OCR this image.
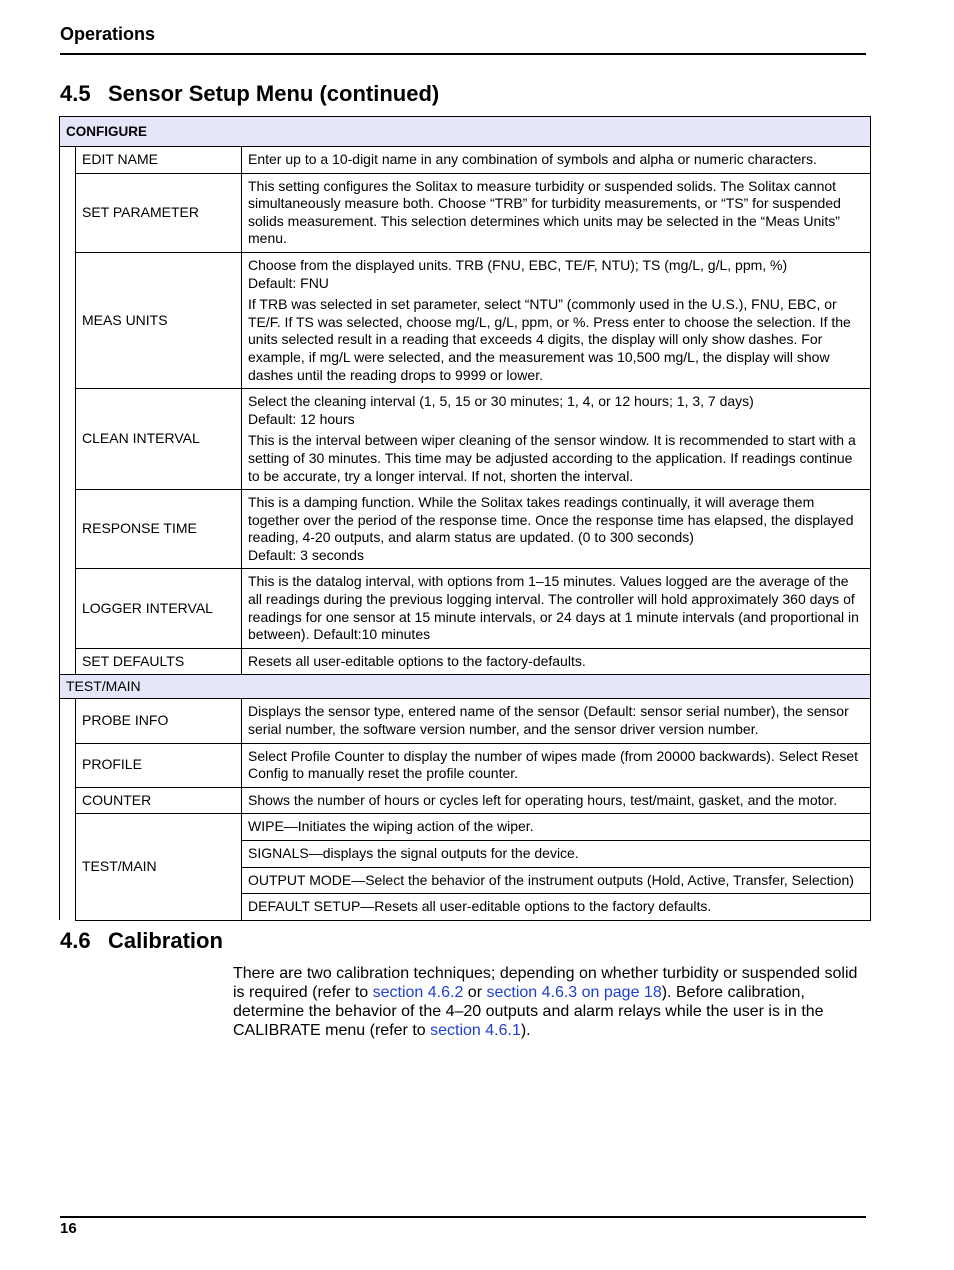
Operations
4.5 Sensor Setup Menu (continued)
CONFIGURE		
	EDIT NAME	Enter up to a 10-digit name in any combination of symbols and alpha or numeric characters.

	SET PARAMETER	This setting configures the Solitax to measure turbidity or suspended solids. The Solitax cannot simultaneously measure both. Choose “TRB” for turbidity measurements, or “TS” for suspended solids measurement. This selection determines which units may be selected in the “Meas Units” menu.

	MEAS UNITS	Choose from the displayed units. TRB (FNU, EBC, TE/F, NTU); TS (mg/L, g/L, ppm, %)

Default: FNU

If TRB was selected in set parameter, select “NTU” (commonly used in the U.S.), FNU, EBC, or TE/F. If TS was selected, choose mg/L, g/L, ppm, or %. Press enter to choose the selection. If the units selected result in a reading that exceeds 4 digits, the display will only show dashes. For example, if mg/L were selected, and the measurement was 10,500 mg/L, the display will show dashes until the reading drops to 9999 or lower.

	CLEAN INTERVAL	Select the cleaning interval (1, 5, 15 or 30 minutes; 1, 4, or 12 hours; 1, 3, 7 days)

Default: 12 hours

This is the interval between wiper cleaning of the sensor window. It is recommended to start with a setting of 30 minutes. This time may be adjusted according to the application. If readings continue to be accurate, try a longer interval. If not, shorten the interval.

	RESPONSE TIME	This is a damping function. While the Solitax takes readings continually, it will average them together over the period of the response time. Once the response time has elapsed, the displayed reading, 4-20 outputs, and alarm status are updated. (0 to 300 seconds)

Default: 3 seconds

	LOGGER INTERVAL	This is the datalog interval, with options from 1–15 minutes. Values logged are the average of the all readings during the previous logging interval. The controller will hold approximately 360 days of readings for one sensor at 15 minute intervals, or 24 days at 1 minute intervals (and proportional in between). Default:10 minutes

	SET DEFAULTS	Resets all user-editable options to the factory-defaults.

TEST/MAIN		
	PROBE INFO	Displays the sensor type, entered name of the sensor (Default: sensor serial number), the sensor serial number, the software version number, and the sensor driver version number.
	PROFILE	Select Profile Counter to display the number of wipes made (from 20000 backwards). Select Reset Config to manually reset the profile counter.
	COUNTER	Shows the number of hours or cycles left for operating hours, test/maint, gasket, and the motor.
	TEST/MAIN	WIPE—Initiates the wiping action of the wiper.
		SIGNALS—displays the signal outputs for the device.
		OUTPUT MODE—Select the behavior of the instrument outputs (Hold, Active, Transfer, Selection)
		DEFAULT SETUP—Resets all user-editable options to the factory defaults.
4.6 Calibration
There are two calibration techniques; depending on whether turbidity or suspended solid is required (refer to section 4.6.2 or section 4.6.3 on page 18). Before calibration, determine the behavior of the 4–20 outputs and alarm relays while the user is in the CALIBRATE menu (refer to section 4.6.1).
16
